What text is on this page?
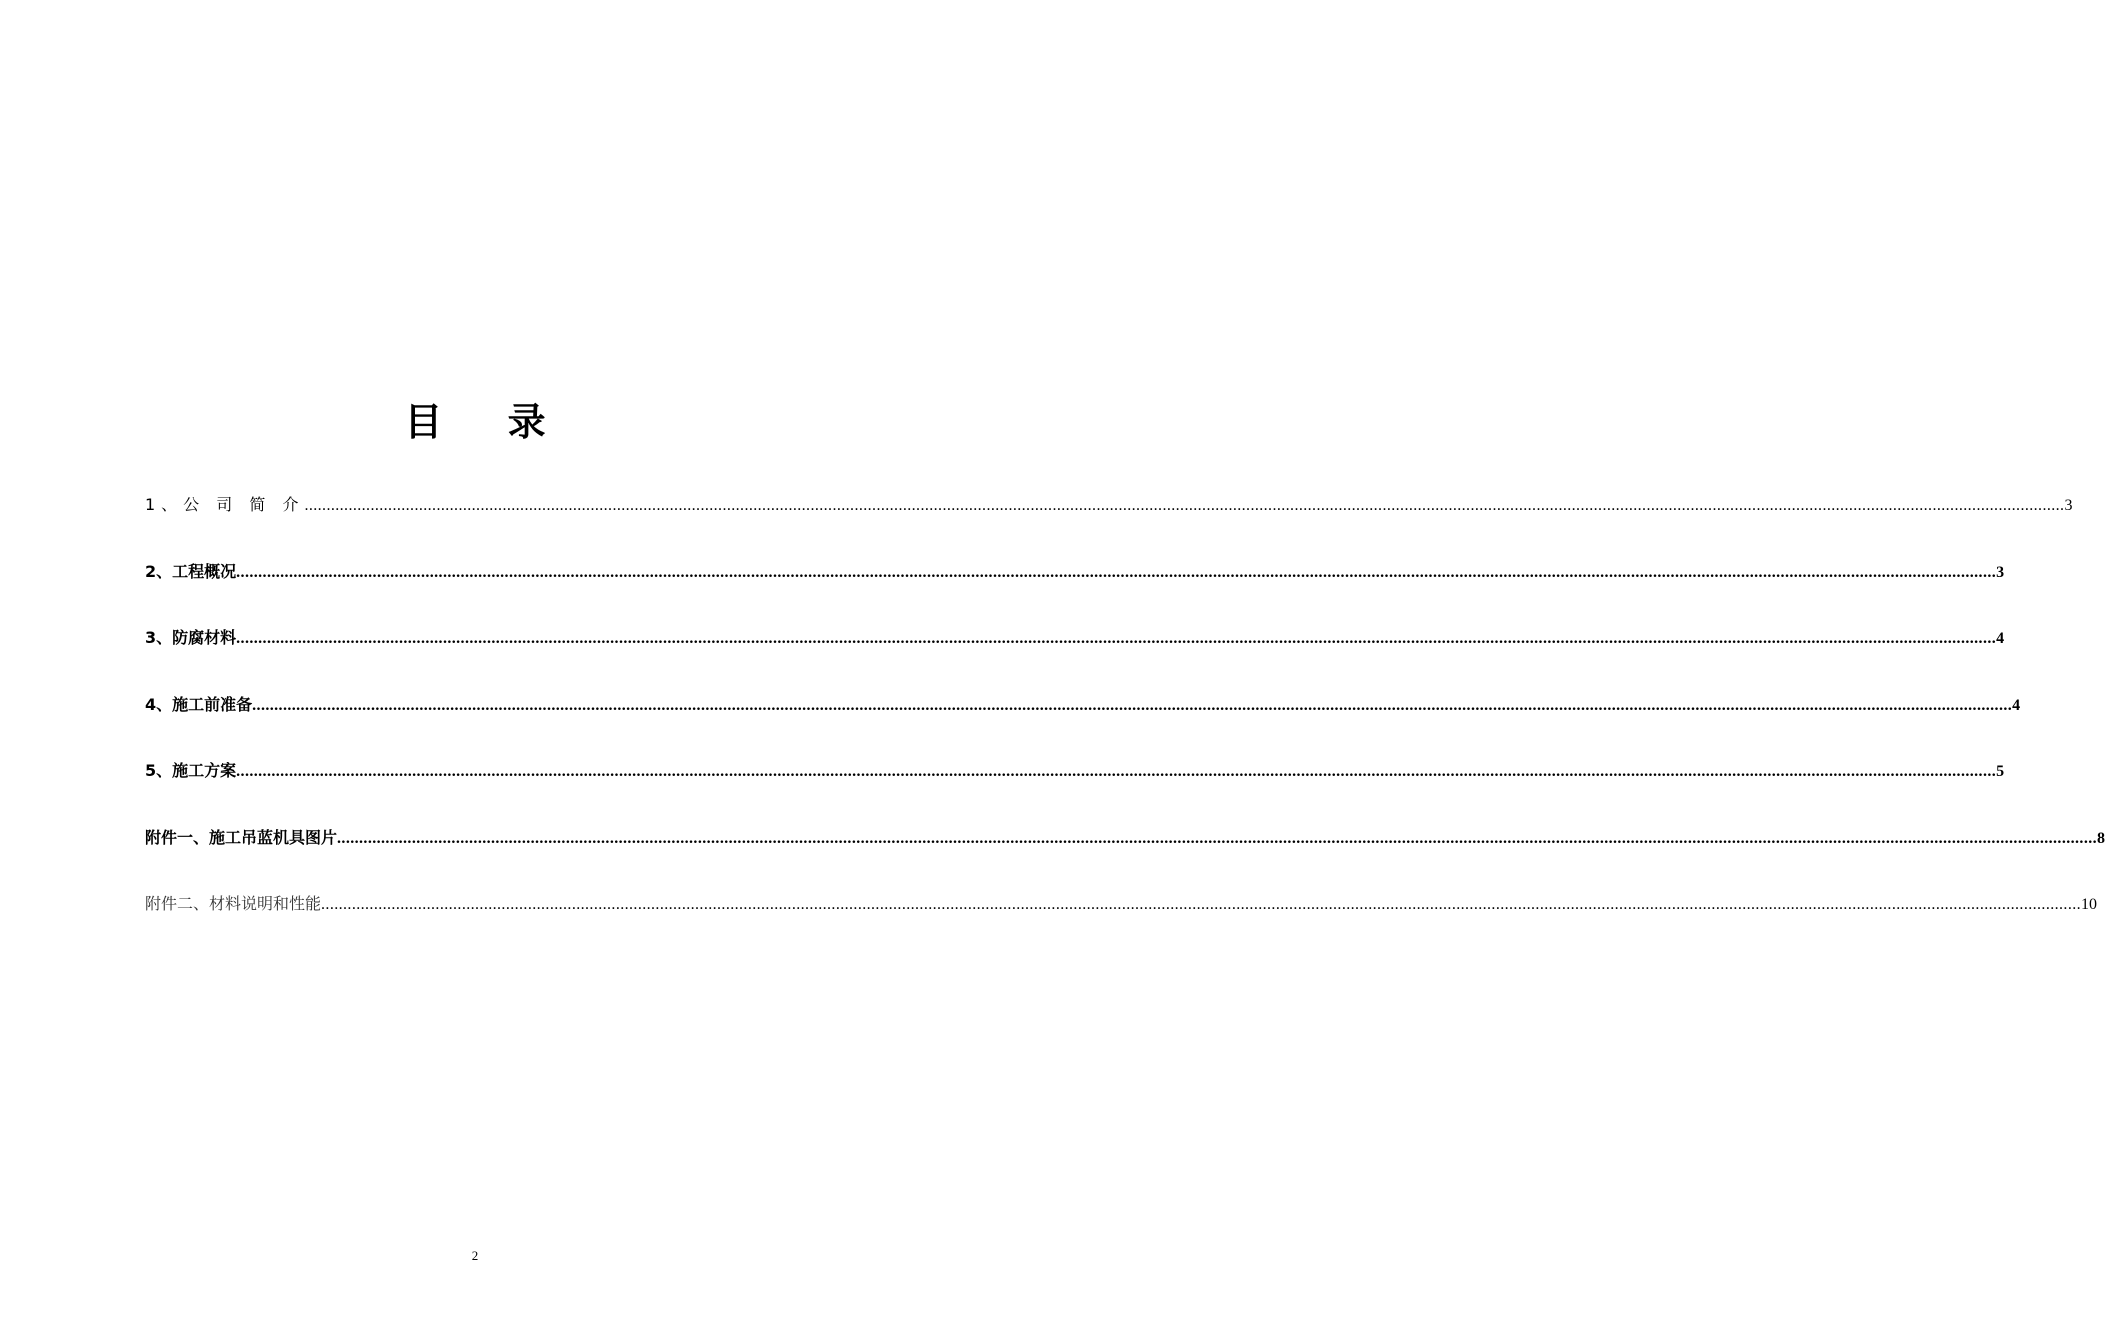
目 录
1、公 司 简 介 ................................................................................................................................................................................................................................................................................................................................................................................................................ 3
2、工程概况 ................................................................................................................................................................................................................................................................................................................................................................................................................ 3
3、防腐材料 ................................................................................................................................................................................................................................................................................................................................................................................................................ 4
4、施工前准备 ................................................................................................................................................................................................................................................................................................................................................................................................................ 4
5、施工方案 ................................................................................................................................................................................................................................................................................................................................................................................................................ 5
附件一、施工吊蓝机具图片 ................................................................................................................................................................................................................................................................................................................................................................................................................ 8
附件二、材料说明和性能 ................................................................................................................................................................................................................................................................................................................................................................................................................ 10
2
